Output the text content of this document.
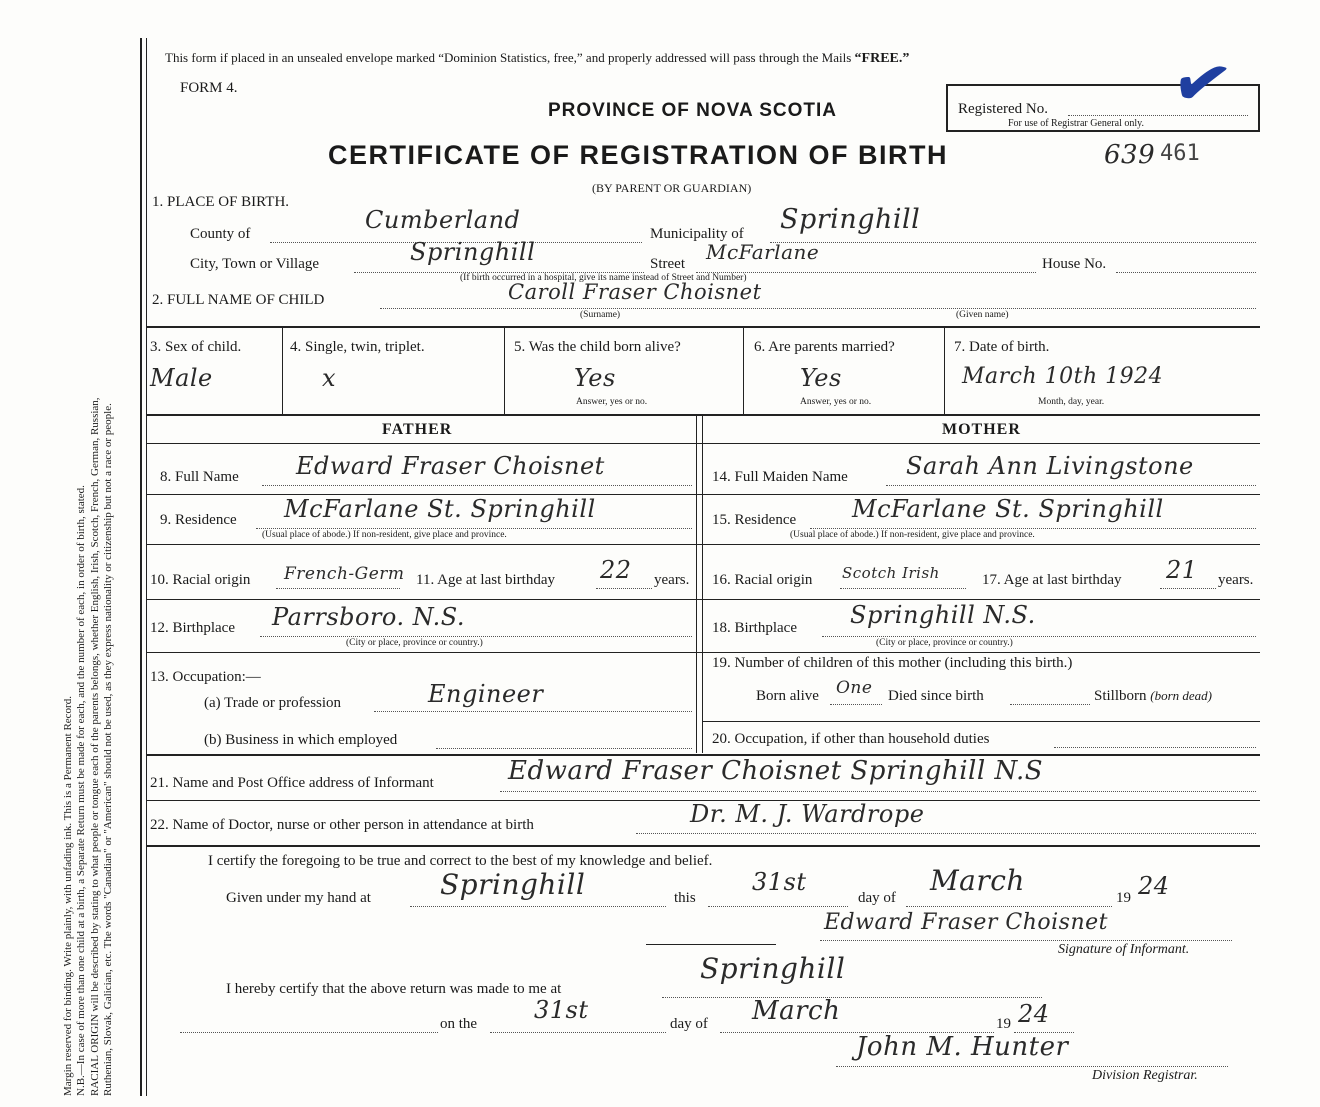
Margin reserved for binding. Write plainly, with unfading ink. This is a Permanent Record. N.B.—In case of more than one child at a birth, a Separate Return must be made for each, and the number of each, in order of birth, stated. RACIAL ORIGIN will be described by stating to what people or tongue each of the parents belongs, whether English, Irish, Scotch, French, German, Russian, Ruthenian, Slovak, Galician, etc. The words "Canadian" or "American" should not be used, as they express nationality or citizenship but not a race or people.
This form if placed in an unsealed envelope marked “Dominion Statistics, free,” and properly addressed will pass through the Mails “FREE.”
FORM 4.
PROVINCE OF NOVA SCOTIA	Registered No.
For use of Registrar General only. ✔
CERTIFICATE OF REGISTRATION OF BIRTH	639 461
(BY PARENT OR GUARDIAN)
1. PLACE OF BIRTH.
County of	Cumberland	Municipality of Springhill
City, Town or Village	Springhill	Street McFarlane	House No.
(If birth occurred in a hospital, give its name instead of Street and Number)
2. FULL NAME OF CHILD	Caroll Fraser Choisnet
(Surname)	(Given name)
3. Sex of child.
Male
4. Single, twin, triplet.
x
5. Was the child born alive?
Yes
Answer, yes or no.
6. Are parents married?
Yes
Answer, yes or no.
7. Date of birth.
March 10th 1924
Month, day, year.
FATHER	MOTHER
8. Full Name Edward Fraser Choisnet	14. Full Maiden Name Sarah Ann Livingstone
9. Residence McFarlane St. Springhill
(Usual place of abode.) If non-resident, give place and province.
15. Residence McFarlane St. Springhill
(Usual place of abode.) If non-resident, give place and province.
10. Racial origin French-Germ 11. Age at last birthday 22 years. 16. Racial origin Scotch Irish	17. Age at last birthday 21 years.
12. Birthplace Parrsboro. N.S.
(City or place, province or country.)
18. Birthplace Springhill N.S.
(City or place, province or country.)
13. Occupation:—
(a) Trade or profession	Engineer
(b) Business in which employed
19. Number of children of this mother (including this birth.)
Born alive One Died since birth	Stillborn (born dead)
20. Occupation, if other than household duties
21. Name and Post Office address of Informant	Edward Fraser Choisnet Springhill N.S
22. Name of Doctor, nurse or other person in attendance at birth	Dr. M. J. Wardrope
I certify the foregoing to be true and correct to the best of my knowledge and belief.
Given under my hand at Springhill	this
31st
day of
March
19 24
Edward Fraser Choisnet
Signature of Informant.
I hereby certify that the above return was made to me at
Springhill
on the 31st	day of March	19 24
John M. Hunter
Division Registrar.
